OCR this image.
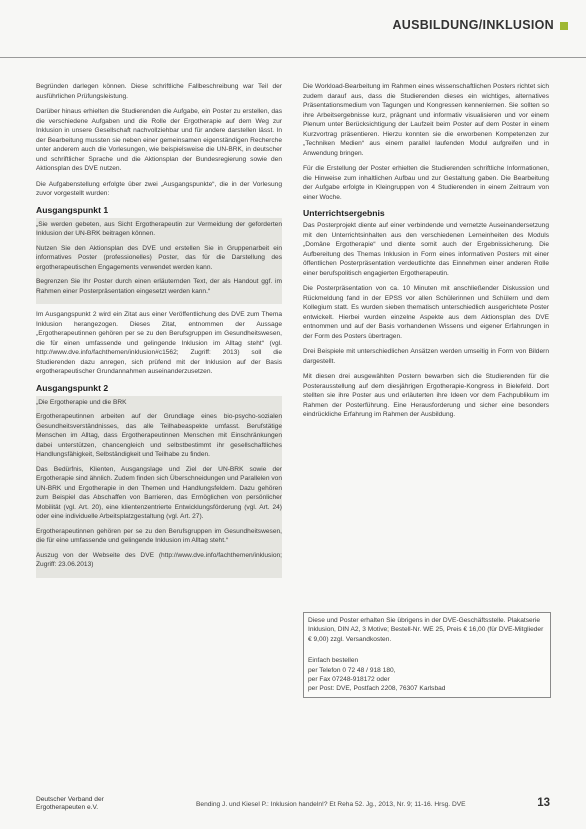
AUSBILDUNG/INKLUSION

Begründen darlegen können. Diese schriftliche Fallbeschreibung war Teil der ausführlichen Prüfungsleistung.

Darüber hinaus erhielten die Studierenden die Aufgabe, ein Poster zu erstellen, das die verschiedene Aufgaben und die Rolle der Ergotherapie auf dem Weg zur Inklusion in unsere Gesellschaft nachvollziehbar und für andere darstellen lässt. In der Bearbeitung mussten sie neben einer gemeinsamen eigenständigen Recherche unter anderem auch die Vorlesungen, wie beispielsweise die UN-BRK, in deutscher und schriftlicher Sprache und die Aktionsplan der Bundesregierung sowie den Aktionsplan des DVE nutzen.

Die Aufgabenstellung erfolgte über zwei „Ausgangspunkte“, die in der Vorlesung zuvor vorgestellt wurden:

Ausgangspunkt 1

„Sie werden gebeten, aus Sicht Ergotherapeutin zur Vermeidung der geforderten Inklusion der UN-BRK beitragen können.

Nutzen Sie den Aktionsplan des DVE und erstellen Sie in Gruppenarbeit ein informatives Poster (professionelles) Poster, das für die Darstellung des ergotherapeutischen Engagements verwendet werden kann.

Begrenzen Sie Ihr Poster durch einen erläuternden Text, der als Handout ggf. im Rahmen einer Posterpräsentation eingesetzt werden kann.“

Im Ausgangspunkt 2 wird ein Zitat aus einer Veröffentlichung des DVE zum Thema Inklusion herangezogen. Dieses Zitat, entnommen der Aussage „Ergotherapeutinnen gehören per se zu den Berufsgruppen im Gesundheitswesen, die für einen umfassende und gelingende Inklusion im Alltag steht“ (vgl. http://www.dve.info/fachthemen/inklusion#c1562; Zugriff: 2013) soll die Studierenden dazu anregen, sich prüfend mit der Inklusion auf der Basis ergotherapeutischer Grundannahmen auseinanderzusetzen.

Ausgangspunkt 2

„Die Ergotherapie und die BRK

Ergotherapeutinnen arbeiten auf der Grundlage eines bio-psycho-sozialen Gesundheitsverständnisses, das alle Teilhabeaspekte umfasst. Berufstätige Menschen im Alltag, dass Ergotherapeutinnen Menschen mit Einschränkungen dabei unterstützen, chancengleich und selbstbestimmt ihr gesellschaftliches Handlungsfähigkeit, Selbständigkeit und Teilhabe zu finden.

Das Bedürfnis, Klienten, Ausgangslage und Ziel der UN-BRK sowie der Ergotherapie sind ähnlich. Zudem finden sich Überschneidungen und Parallelen von UN-BRK und Ergotherapie in den Themen und Handlungsfeldern. Dazu gehören zum Beispiel das Abschaffen von Barrieren, das Ermöglichen von persönlicher Mobilität (vgl. Art. 20), eine klientenzentrierte Entwicklungsförderung (vgl. Art. 24) oder eine individuelle Arbeitsplatzgestaltung (vgl. Art. 27).

Ergotherapeutinnen gehören per se zu den Berufsgruppen im Gesundheitswesen, die für eine umfassende und gelingende Inklusion im Alltag steht.“

Auszug von der Webseite des DVE (http://www.dve.info/fachthemen/inklusion; Zugriff: 23.06.2013)

Die Workload-Bearbeitung im Rahmen eines wissenschaftlichen Posters richtet sich zudem darauf aus, dass die Studierenden dieses ein wichtiges, alternatives Präsentationsmedium von Tagungen und Kongressen kennenlernen. Sie sollten so ihre Arbeitsergebnisse kurz, prägnant und informativ visualisieren und vor einem Plenum unter Berücksichtigung der Laufzeit beim Poster auf dem Poster in einem Kurzvortrag präsentieren. Hierzu konnten sie die erworbenen Kompetenzen zur „Techniken Medien“ aus einem parallel laufenden Modul aufgreifen und in Anwendung bringen.

Für die Erstellung der Poster erhielten die Studierenden schriftliche Informationen, die Hinweise zum inhaltlichen Aufbau und zur Gestaltung gaben. Die Bearbeitung der Aufgabe erfolgte in Kleingruppen von 4 Studierenden in einem Zeitraum von einer Woche.

Unterrichtsergebnis

Das Posterprojekt diente auf einer verbindende und vernetzte Auseinandersetzung mit den Unterrichtsinhalten aus den verschiedenen Lerneinheiten des Moduls „Domäne Ergotherapie“ und diente somit auch der Ergebnissicherung. Die Aufbereitung des Themas Inklusion in Form eines informativen Posters mit einer öffentlichen Posterpräsentation verdeutlichte das Einnehmen einer anderen Rolle einer berufspolitisch engagierten Ergotherapeutin.

Die Posterpräsentation von ca. 10 Minuten mit anschließender Diskussion und Rückmeldung fand in der EPSS vor allen Schülerinnen und Schülern und dem Kollegium statt. Es wurden sieben thematisch unterschiedlich ausgerichtete Poster entwickelt. Hierbei wurden einzelne Aspekte aus dem Aktionsplan des DVE entnommen und auf der Basis vorhandenen Wissens und eigener Erfahrungen in der Form des Posters übertragen.

Drei Beispiele mit unterschiedlichen Ansätzen werden umseitig in Form von Bildern dargestellt.

Mit diesen drei ausgewählten Postern bewarben sich die Studierenden für die Posterausstellung auf dem diesjährigen Ergotherapie-Kongress in Bielefeld. Dort stellten sie ihre Poster aus und erläuterten ihre Ideen vor dem Fachpublikum im Rahmen der Posterführung. Eine Herausforderung und sicher eine besonders eindrückliche Erfahrung im Rahmen der Ausbildung.

Diese und Poster erhalten Sie übrigens in der DVE-Geschäftsstelle. Plakatserie Inklusion, DIN A2, 3 Motive; Bestell-Nr. WE 25, Preis € 16,00 (für DVE-Mitglieder € 9,00) zzgl. Versandkosten.

Einfach bestellen
per Telefon 0 72 48 / 918 180,
per Fax 07248-918172 oder
per Post: DVE, Postfach 2208, 76307 Karlsbad
Deutscher Verband der
Ergotherapeuten e.V.	Bending J. und Kiesel P.: Inklusion handeln!? Et Reha 52. Jg., 2013, Nr. 9; 11-16. Hrsg. DVE	13
